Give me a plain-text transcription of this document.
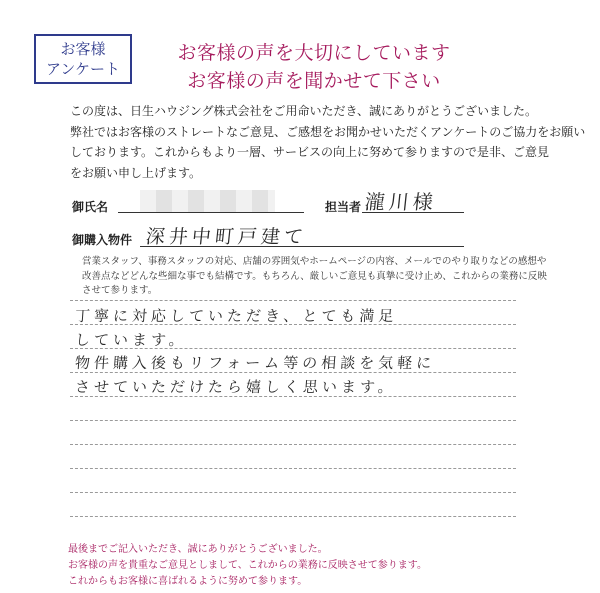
お客様
アンケート
お客様の声を大切にしています
お客様の声を聞かせて下さい
この度は、日生ハウジング株式会社をご用命いただき、誠にありがとうございました。
弊社ではお客様のストレートなご意見、ご感想をお聞かせいただくアンケートのご協力をお願い
しております。これからもより一層、サービスの向上に努めて参りますので是非、ご意見
をお願い申し上げます。
御氏名	担当者 瀧川様
御購入物件 深井中町戸建て
営業スタッフ、事務スタッフの対応、店舗の雰囲気やホームページの内容、メールでのやり取りなどの感想や
改善点などどんな些細な事でも結構です。もちろん、厳しいご意見も真摯に受け止め、これからの業務に反映
させて参ります。
丁寧に対応していただき、とても満足
しています。
物件購入後もリフォーム等の相談を気軽に
させていただけたら嬉しく思います。
最後までご記入いただき、誠にありがとうございました。
お客様の声を貴重なご意見としまして、これからの業務に反映させて参ります。
これからもお客様に喜ばれるように努めて参ります。
